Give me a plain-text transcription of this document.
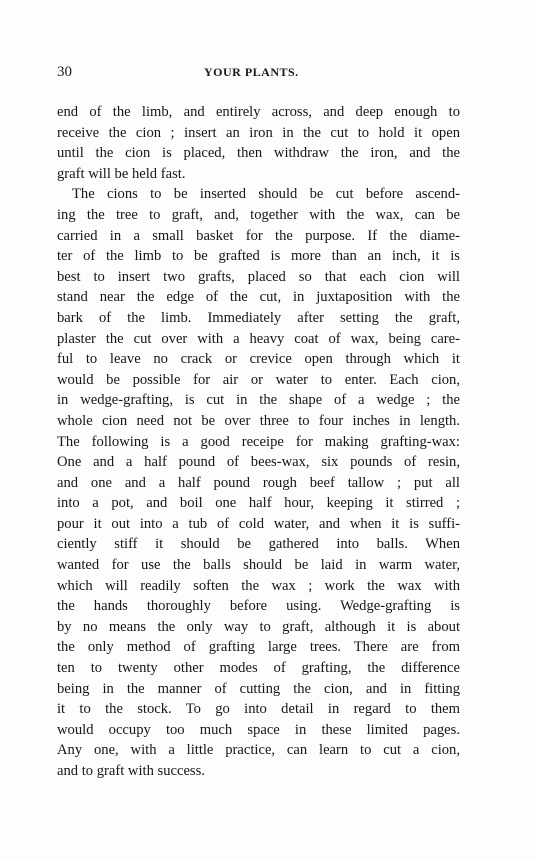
30	YOUR PLANTS.
end of the limb, and entirely across, and deep enough to
receive the cion ; insert an iron in the cut to hold it open
until the cion is placed, then withdraw the iron, and the
graft will be held fast.
The cions to be inserted should be cut before ascend-
ing the tree to graft, and, together with the wax, can be
carried in a small basket for the purpose. If the diame-
ter of the limb to be grafted is more than an inch, it is
best to insert two grafts, placed so that each cion will
stand near the edge of the cut, in juxtaposition with the
bark of the limb. Immediately after setting the graft,
plaster the cut over with a heavy coat of wax, being care-
ful to leave no crack or crevice open through which it
would be possible for air or water to enter. Each cion,
in wedge-grafting, is cut in the shape of a wedge ; the
whole cion need not be over three to four inches in length.
The following is a good receipe for making grafting-wax:
One and a half pound of bees-wax, six pounds of resin,
and one and a half pound rough beef tallow ; put all
into a pot, and boil one half hour, keeping it stirred ;
pour it out into a tub of cold water, and when it is suffi-
ciently stiff it should be gathered into balls. When
wanted for use the balls should be laid in warm water,
which will readily soften the wax ; work the wax with
the hands thoroughly before using. Wedge-grafting is
by no means the only way to graft, although it is about
the only method of grafting large trees. There are from
ten to twenty other modes of grafting, the difference
being in the manner of cutting the cion, and in fitting
it to the stock. To go into detail in regard to them
would occupy too much space in these limited pages.
Any one, with a little practice, can learn to cut a cion,
and to graft with success.
